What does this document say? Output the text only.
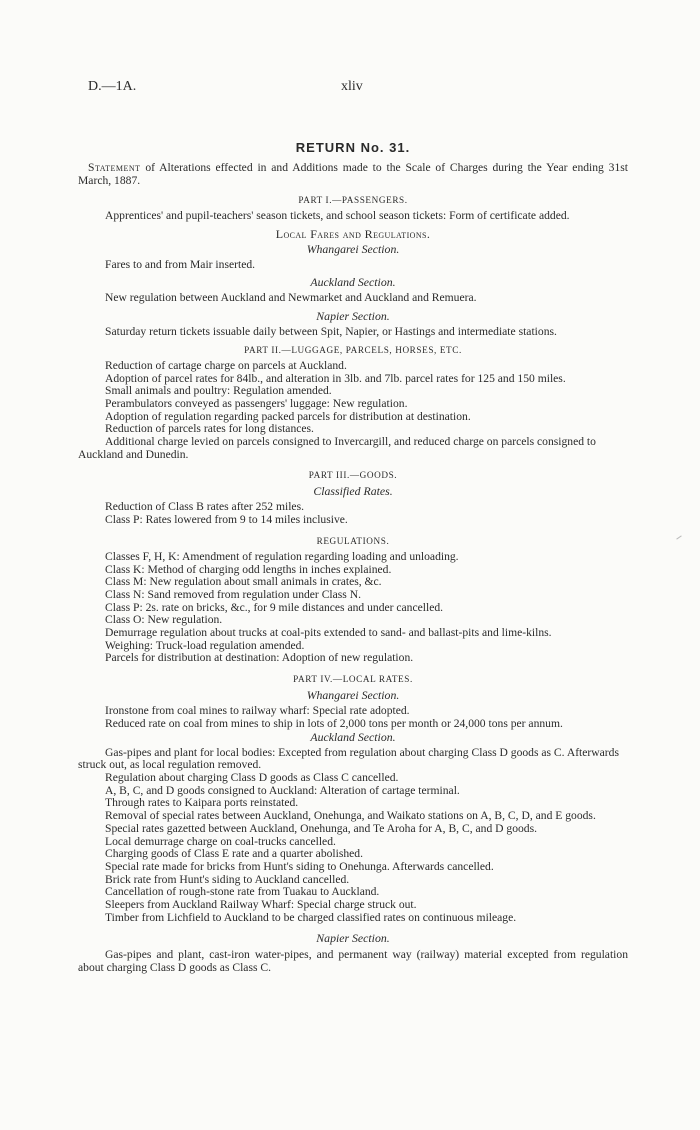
D.—1A.	xliv
RETURN No. 31.

Statement of Alterations effected in and Additions made to the Scale of Charges during the Year ending 31st March, 1887.

PART I.—PASSENGERS.

Apprentices' and pupil-teachers' season tickets, and school season tickets: Form of certificate added.

Local Fares and Regulations.
Whangarei Section.

Fares to and from Mair inserted.

Auckland Section.

New regulation between Auckland and Newmarket and Auckland and Remuera.

Napier Section.

Saturday return tickets issuable daily between Spit, Napier, or Hastings and intermediate stations.

PART II.—LUGGAGE, PARCELS, HORSES, ETC.

Reduction of cartage charge on parcels at Auckland.

Adoption of parcel rates for 84lb., and alteration in 3lb. and 7lb. parcel rates for 125 and 150 miles.

Small animals and poultry: Regulation amended.

Perambulators conveyed as passengers' luggage: New regulation.

Adoption of regulation regarding packed parcels for distribution at destination.

Reduction of parcels rates for long distances.

Additional charge levied on parcels consigned to Invercargill, and reduced charge on parcels consigned to Auckland and Dunedin.

PART III.—GOODS.
Classified Rates.

Reduction of Class B rates after 252 miles.

Class P: Rates lowered from 9 to 14 miles inclusive.

REGULATIONS.

Classes F, H, K: Amendment of regulation regarding loading and unloading.

Class K: Method of charging odd lengths in inches explained.

Class M: New regulation about small animals in crates, &c.

Class N: Sand removed from regulation under Class N.

Class P: 2s. rate on bricks, &c., for 9 mile distances and under cancelled.

Class O: New regulation.

Demurrage regulation about trucks at coal-pits extended to sand- and ballast-pits and lime-kilns.

Weighing: Truck-load regulation amended.

Parcels for distribution at destination: Adoption of new regulation.

PART IV.—LOCAL RATES.
Whangarei Section.

Ironstone from coal mines to railway wharf: Special rate adopted.

Reduced rate on coal from mines to ship in lots of 2,000 tons per month or 24,000 tons per annum.

Auckland Section.

Gas-pipes and plant for local bodies: Excepted from regulation about charging Class D goods as C. Afterwards struck out, as local regulation removed.

Regulation about charging Class D goods as Class C cancelled.

A, B, C, and D goods consigned to Auckland: Alteration of cartage terminal.

Through rates to Kaipara ports reinstated.

Removal of special rates between Auckland, Onehunga, and Waikato stations on A, B, C, D, and E goods.

Special rates gazetted between Auckland, Onehunga, and Te Aroha for A, B, C, and D goods.

Local demurrage charge on coal-trucks cancelled.

Charging goods of Class E rate and a quarter abolished.

Special rate made for bricks from Hunt's siding to Onehunga. Afterwards cancelled.

Brick rate from Hunt's siding to Auckland cancelled.

Cancellation of rough-stone rate from Tuakau to Auckland.

Sleepers from Auckland Railway Wharf: Special charge struck out.

Timber from Lichfield to Auckland to be charged classified rates on continuous mileage.

Napier Section.

Gas-pipes and plant, cast-iron water-pipes, and permanent way (railway) material excepted from regulation about charging Class D goods as Class C.
